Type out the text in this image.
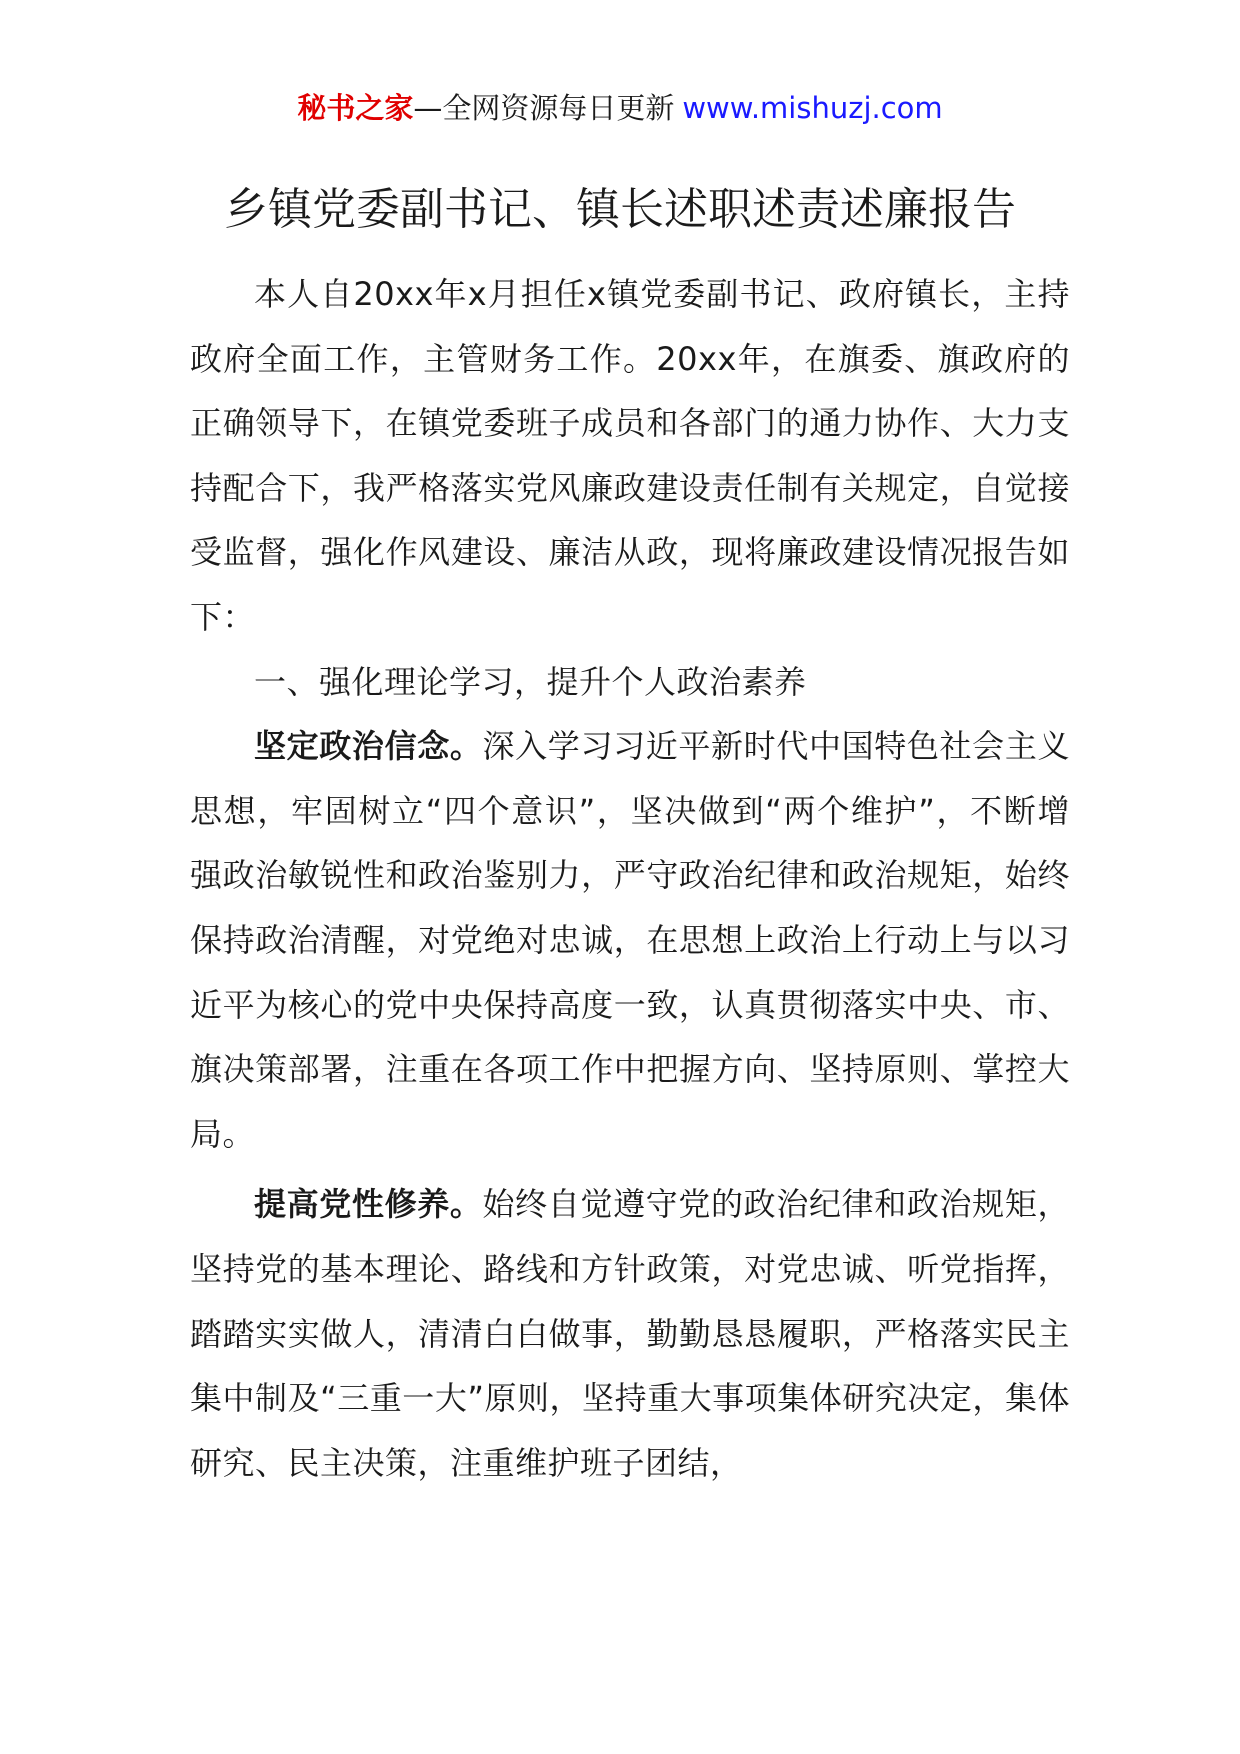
秘书之家—全网资源每日更新 www.mishuzj.com
乡镇党委副书记、镇长述职述责述廉报告

本人自20xx年x月担任x镇党委副书记、政府镇长，主持政府全面工作，主管财务工作。20xx年，在旗委、旗政府的正确领导下，在镇党委班子成员和各部门的通力协作、大力支持配合下，我严格落实党风廉政建设责任制有关规定，自觉接受监督，强化作风建设、廉洁从政，现将廉政建设情况报告如下：

一、强化理论学习，提升个人政治素养

坚定政治信念。深入学习习近平新时代中国特色社会主义思想，牢固树立“四个意识”，坚决做到“两个维护”，不断增强政治敏锐性和政治鉴别力，严守政治纪律和政治规矩，始终保持政治清醒，对党绝对忠诚，在思想上政治上行动上与以习近平为核心的党中央保持高度一致，认真贯彻落实中央、市、旗决策部署，注重在各项工作中把握方向、坚持原则、掌控大局。

提高党性修养。始终自觉遵守党的政治纪律和政治规矩，坚持党的基本理论、路线和方针政策，对党忠诚、听党指挥，踏踏实实做人，清清白白做事，勤勤恳恳履职，严格落实民主集中制及“三重一大”原则，坚持重大事项集体研究决定，集体研究、民主决策，注重维护班子团结，
